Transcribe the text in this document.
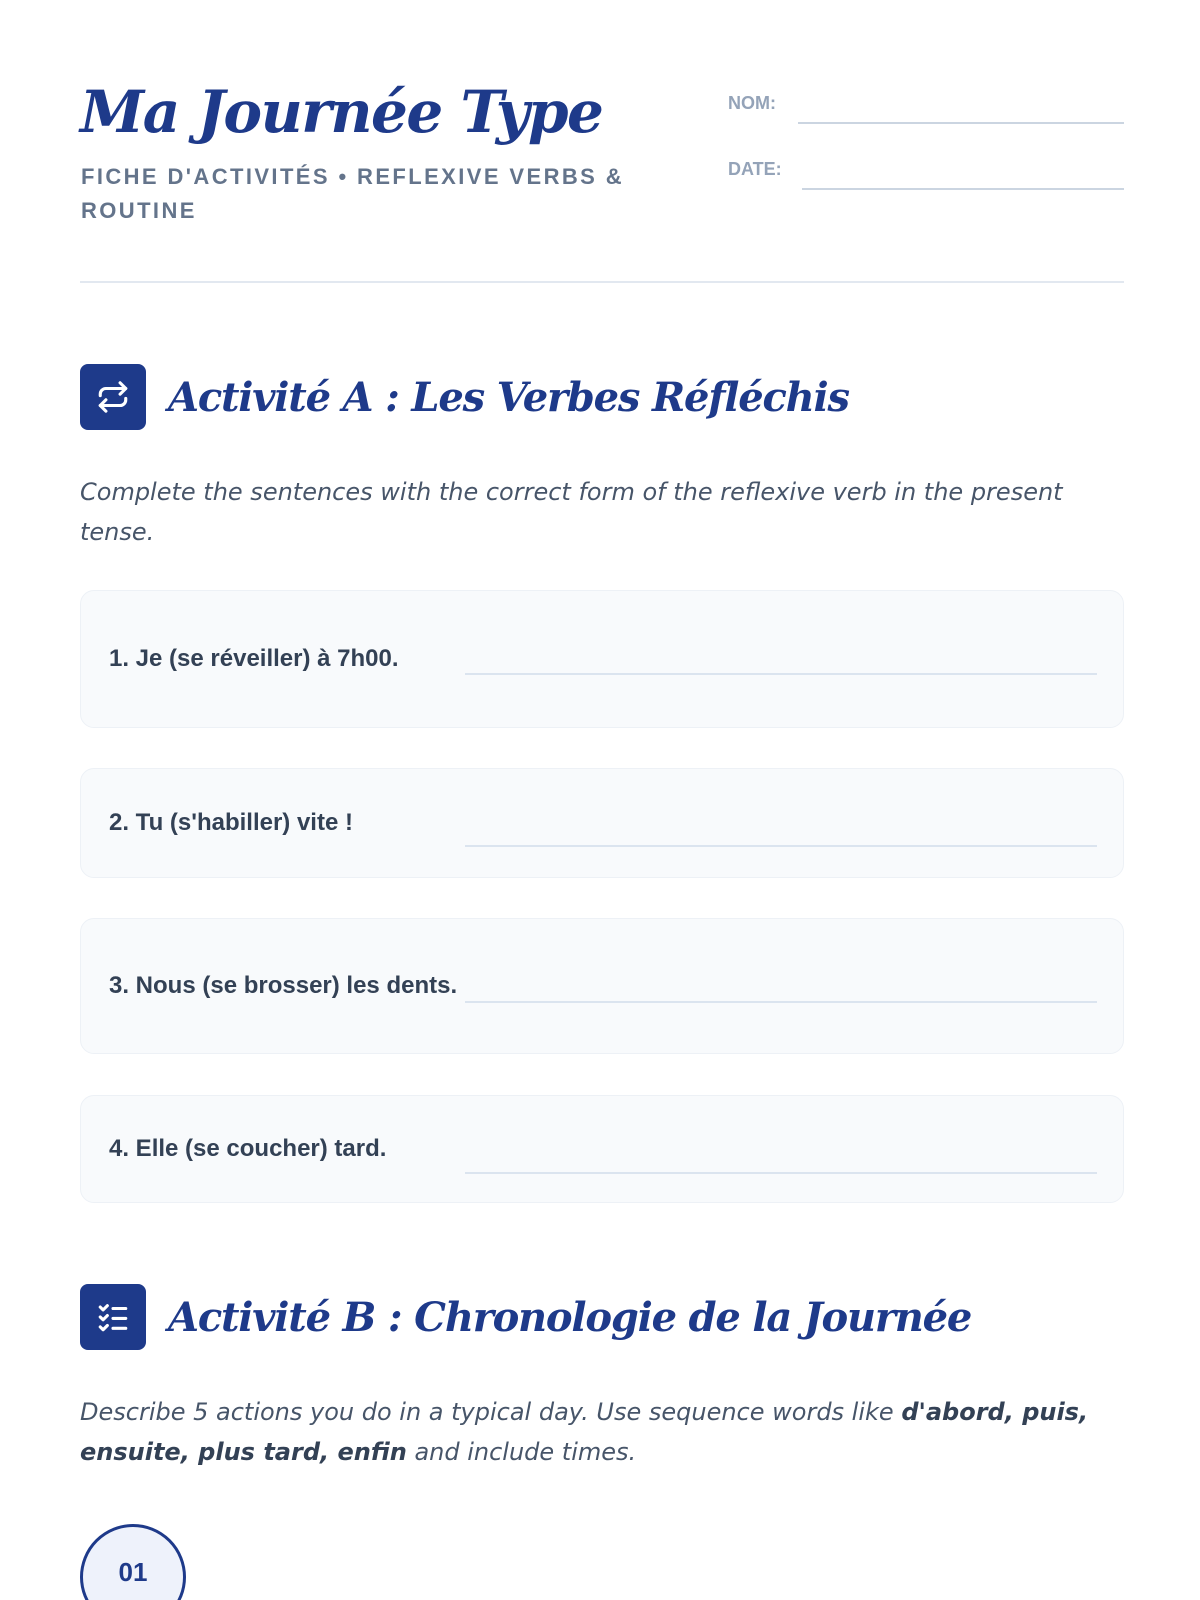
Ma Journée Type
FICHE D'ACTIVITÉS • REFLEXIVE VERBS & ROUTINE
NOM:
DATE:
Activité A : Les Verbes Réfléchis

Complete the sentences with the correct form of the reflexive verb in the present tense.

1. Je (se réveiller) à 7h00.
2. Tu (s'habiller) vite !
3. Nous (se brosser) les dents.
4. Elle (se coucher) tard.
Activité B : Chronologie de la Journée

Describe 5 actions you do in a typical day. Use sequence words like d'abord, puis, ensuite, plus tard, enfin and include times.

01
